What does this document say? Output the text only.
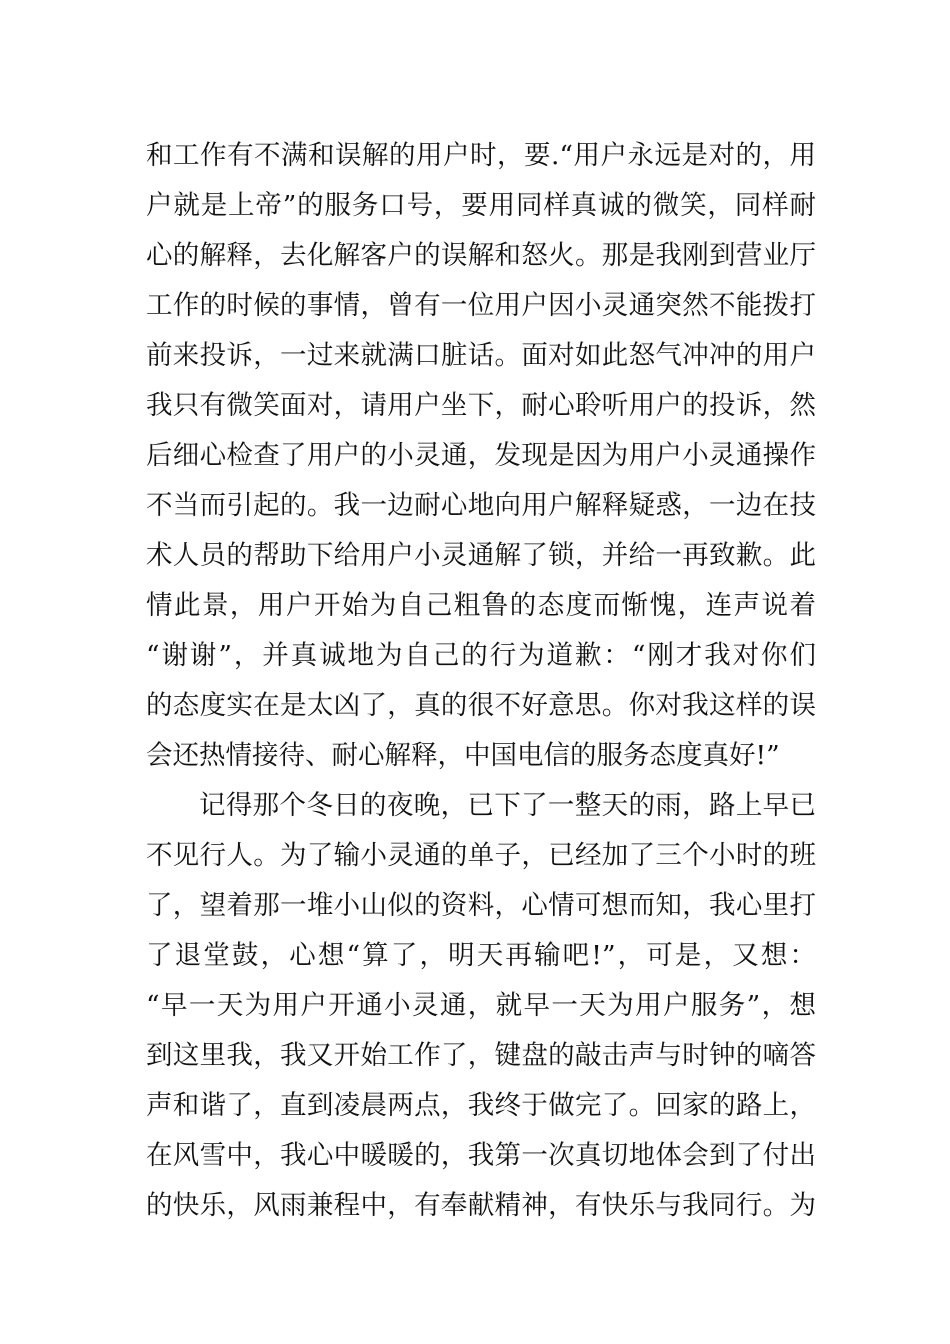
和工作有不满和误解的用户时，要.“用户永远是对的，用
户就是上帝”的服务口号，要用同样真诚的微笑，同样耐
心的解释，去化解客户的误解和怒火。那是我刚到营业厅
工作的时候的事情，曾有一位用户因小灵通突然不能拨打
前来投诉，一过来就满口脏话。面对如此怒气冲冲的用户
我只有微笑面对，请用户坐下，耐心聆听用户的投诉，然
后细心检查了用户的小灵通，发现是因为用户小灵通操作
不当而引起的。我一边耐心地向用户解释疑惑，一边在技
术人员的帮助下给用户小灵通解了锁，并给一再致歉。此
情此景，用户开始为自己粗鲁的态度而惭愧，连声说着
“谢谢”，并真诚地为自己的行为道歉：“刚才我对你们
的态度实在是太凶了，真的很不好意思。你对我这样的误
会还热情接待、耐心解释，中国电信的服务态度真好!”
记得那个冬日的夜晚，已下了一整天的雨，路上早已
不见行人。为了输小灵通的单子，已经加了三个小时的班
了，望着那一堆小山似的资料，心情可想而知，我心里打
了退堂鼓，心想“算了，明天再输吧!”，可是，又想：
“早一天为用户开通小灵通，就早一天为用户服务”，想
到这里我，我又开始工作了，键盘的敲击声与时钟的嘀答
声和谐了，直到凌晨两点，我终于做完了。回家的路上，
在风雪中，我心中暖暖的，我第一次真切地体会到了付出
的快乐，风雨兼程中，有奉献精神，有快乐与我同行。为
